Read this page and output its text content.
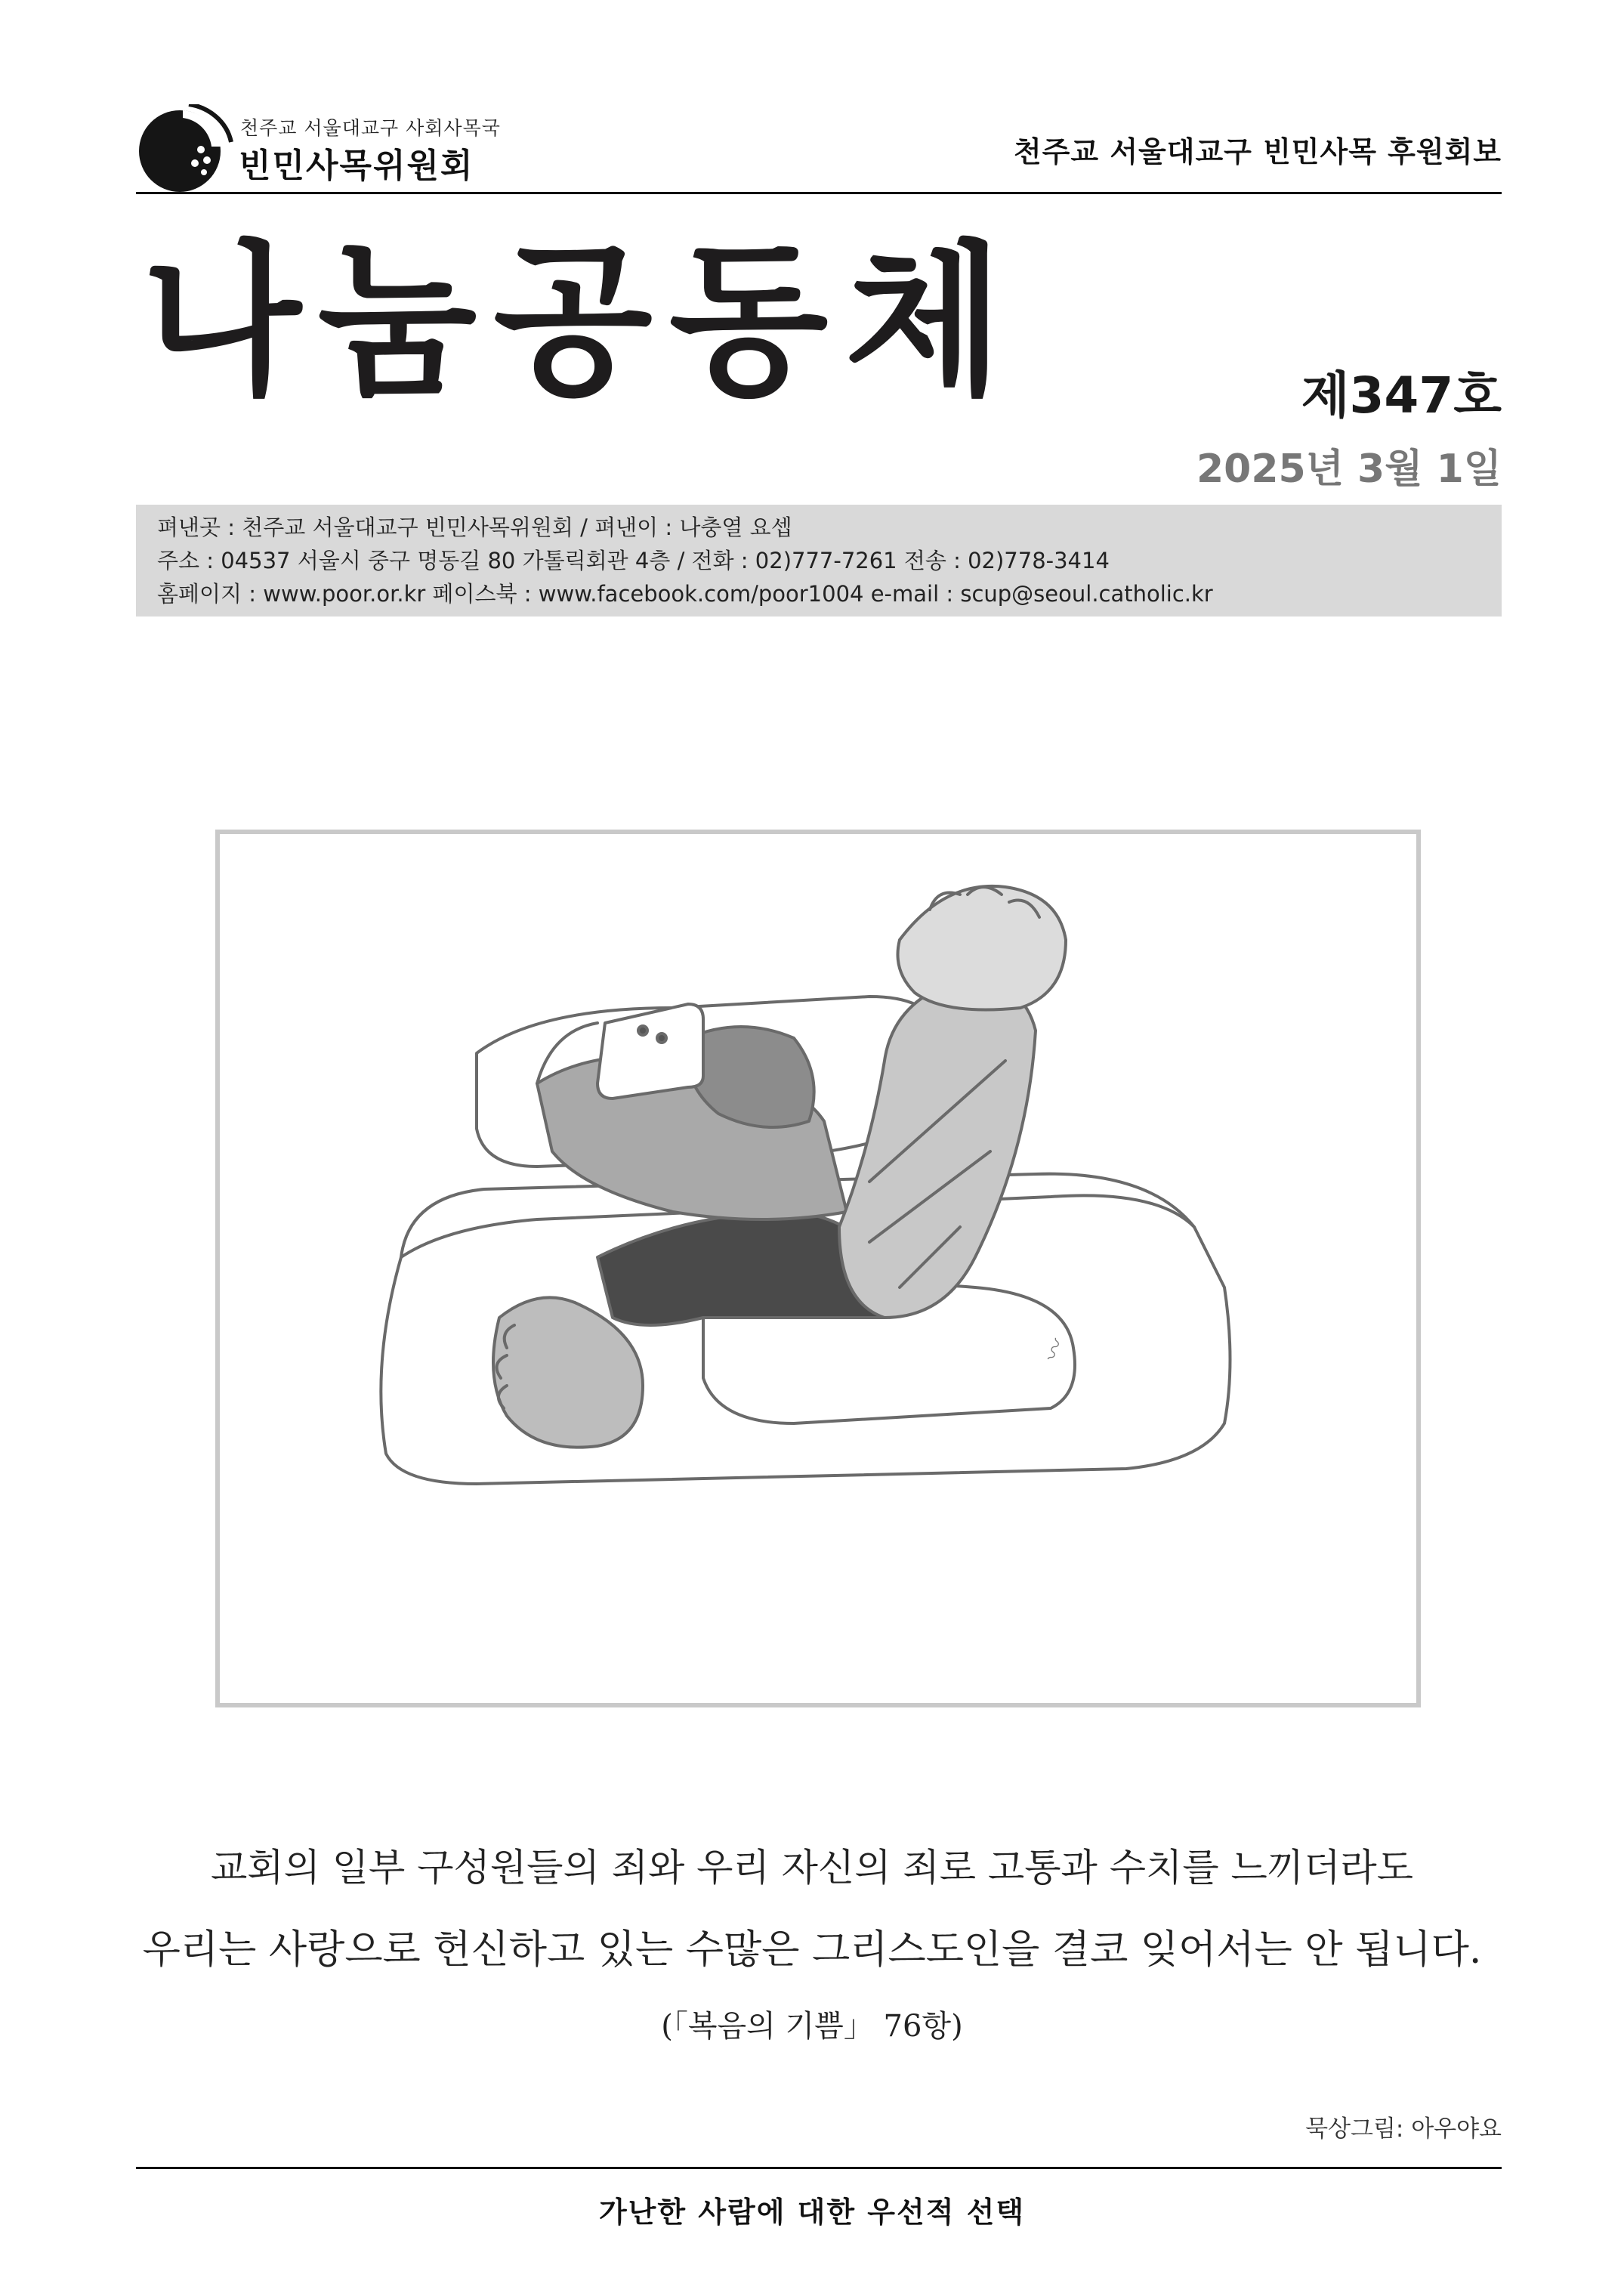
천주교 서울대교구 사회사목국
빈민사목위원회	천주교 서울대교구 빈민사목 후원회보
나눔공동체	제347호
2025년 3월 1일
펴낸곳 : 천주교 서울대교구 빈민사목위원회 / 펴낸이 : 나충열 요셉
주소 : 04537 서울시 중구 명동길 80 가톨릭회관 4층 / 전화 : 02)777-7261 전송 : 02)778-3414
홈페이지 : www.poor.or.kr 페이스북 : www.facebook.com/poor1004 e-mail : scup@seoul.catholic.kr
〰
교회의 일부 구성원들의 죄와 우리 자신의 죄로 고통과 수치를 느끼더라도
우리는 사랑으로 헌신하고 있는 수많은 그리스도인을 결코 잊어서는 안 됩니다.
(「복음의 기쁨」 76항)
묵상그림: 아우야요
가난한 사람에 대한 우선적 선택
